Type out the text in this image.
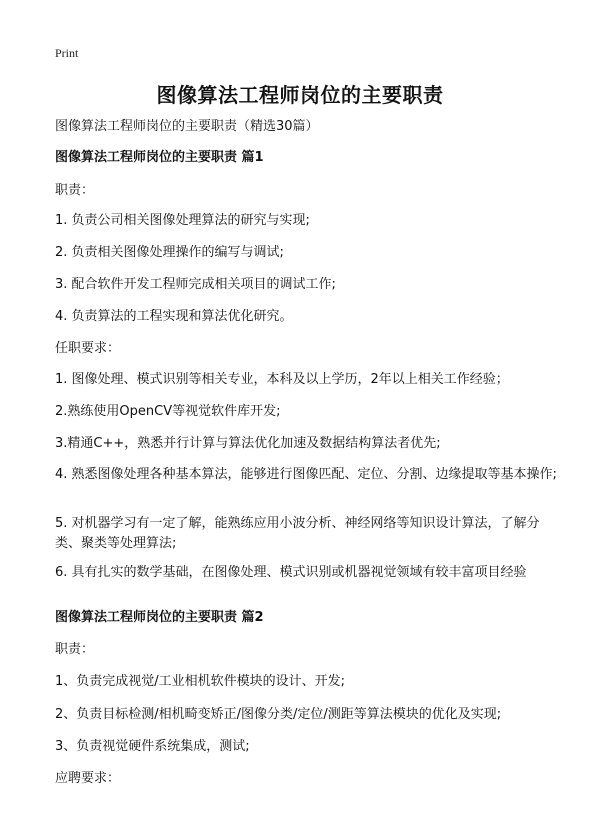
Print
图像算法工程师岗位的主要职责
图像算法工程师岗位的主要职责（精选30篇）
图像算法工程师岗位的主要职责 篇1
职责：
1. 负责公司相关图像处理算法的研究与实现;
2. 负责相关图像处理操作的编写与调试;
3. 配合软件开发工程师完成相关项目的调试工作;
4. 负责算法的工程实现和算法优化研究。
任职要求：
1. 图像处理、模式识别等相关专业，本科及以上学历，2年以上相关工作经验；
2.熟练使用OpenCV等视觉软件库开发;
3.精通C++，熟悉并行计算与算法优化加速及数据结构算法者优先;
4. 熟悉图像处理各种基本算法，能够进行图像匹配、定位、分割、边缘提取等基本操作;
5. 对机器学习有一定了解，能熟练应用小波分析、神经网络等知识设计算法，了解分类、聚类等处理算法;
6. 具有扎实的数学基础，在图像处理、模式识别或机器视觉领域有较丰富项目经验
图像算法工程师岗位的主要职责 篇2
职责：
1、负责完成视觉/工业相机软件模块的设计、开发;
2、负责目标检测/相机畸变矫正/图像分类/定位/测距等算法模块的优化及实现;
3、负责视觉硬件系统集成，测试;
应聘要求：
